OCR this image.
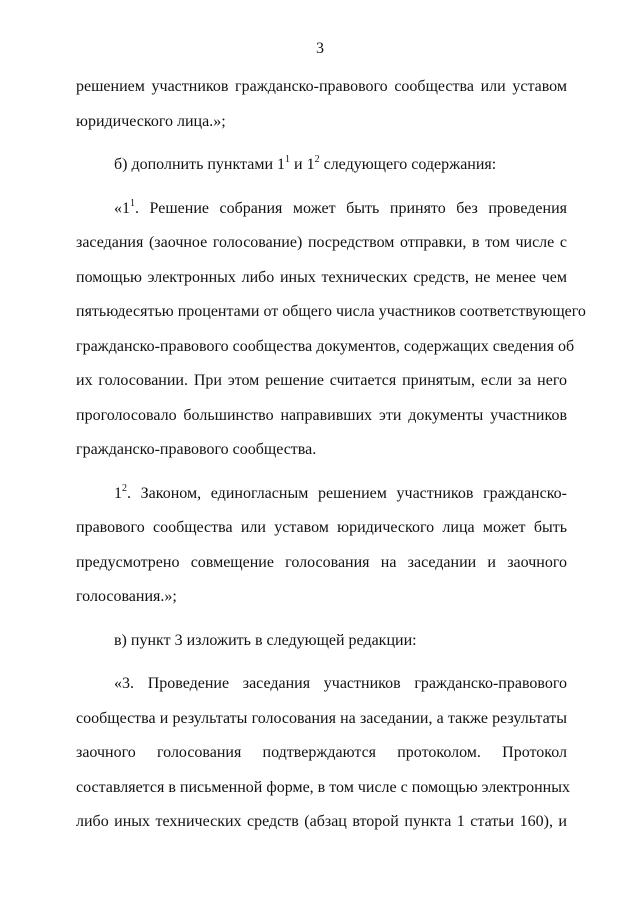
3
решением участников гражданско-правового сообщества или уставом
юридического лица.»;
б) дополнить пунктами $1^1$ и $1^2$ следующего содержания:
«$1^1$. Решение собрания может быть принято без проведения
заседания (заочное голосование) посредством отправки, в том числе с
помощью электронных либо иных технических средств, не менее чем
пятьюдесятью процентами от общего числа участников соответствующего
гражданско-правового сообщества документов, содержащих сведения об
их голосовании. При этом решение считается принятым, если за него
проголосовало большинство направивших эти документы участников
гражданско-правового сообщества.
$1^2$. Законом, единогласным решением участников гражданско-
правового сообщества или уставом юридического лица может быть
предусмотрено совмещение голосования на заседании и заочного
голосования.»;
в) пункт 3 изложить в следующей редакции:
«3. Проведение заседания участников гражданско-правового
сообщества и результаты голосования на заседании, а также результаты
заочного голосования подтверждаются протоколом. Протокол
составляется в письменной форме, в том числе с помощью электронных
либо иных технических средств (абзац второй пункта 1 статьи 160), и
